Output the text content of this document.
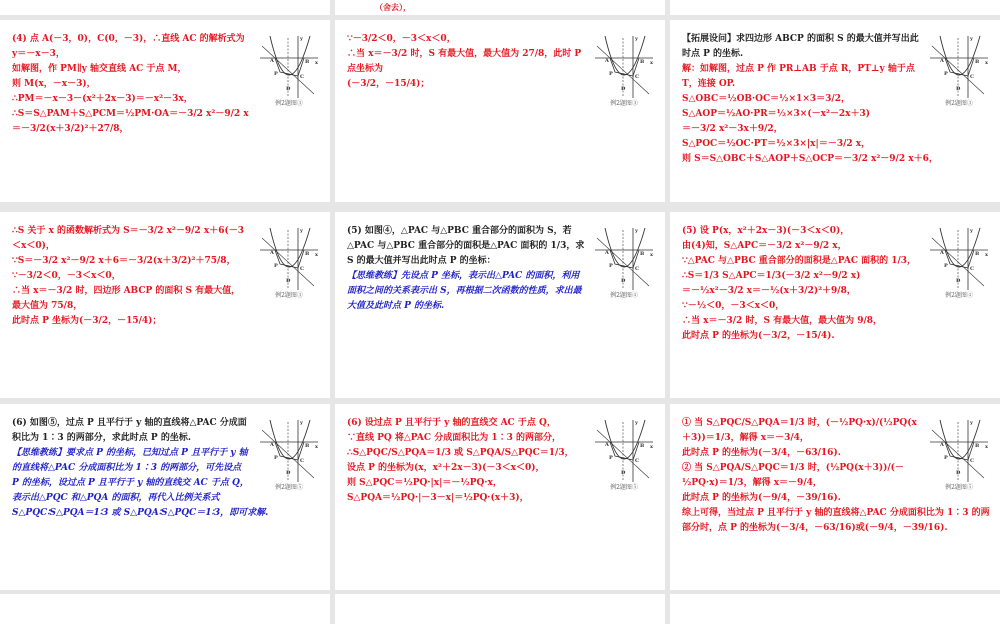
（舍去），
A	B
C
P
D
y
x
例2题图③
(4) 点 A(－3，0)，C(0，－3)，∴直线 AC 的解析式为 y＝－x－3，
如解图，作 PM∥y 轴交直线 AC 于点 M，
则 M(x，－x－3)，
∴PM＝－x－3－(x²＋2x－3)＝－x²－3x，
∴S＝S△PAM＋S△PCM＝½PM·OA＝－3/2 x²－9/2 x
＝－3/2(x＋3/2)²＋27/8，
A	B
C
P
D
y
x
例2题图③
∵－3/2＜0，－3＜x＜0，
∴当 x＝－3/2 时，S 有最大值，最大值为 27/8，此时 P 点坐标为
(－3/2，－15/4)；
A	B
C
P
D
y
x
例2题图③
【拓展设问】求四边形 ABCP 的面积 S 的最大值并写出此时点 P 的坐标.
解：如解图，过点 P 作 PR⊥AB 于点 R，PT⊥y 轴于点 T，连接 OP.
S△OBC＝½OB·OC＝½×1×3＝3/2，
S△AOP＝½AO·PR＝½×3×(－x²－2x＋3)
＝－3/2 x²－3x＋9/2，
S△POC＝½OC·PT＝½×3×|x|＝－3/2 x，
则 S＝S△OBC＋S△AOP＋S△OCP＝－3/2 x²－9/2 x＋6，
A	B
C
P
D
y
x
例2题图③
∴S 关于 x 的函数解析式为 S＝－3/2 x²－9/2 x＋6(－3＜x＜0)，
∵S＝－3/2 x²－9/2 x＋6＝－3/2(x＋3/2)²＋75/8，
∵－3/2＜0，－3＜x＜0，
∴当 x＝－3/2 时，四边形 ABCP 的面积 S 有最大值，
最大值为 75/8，
此时点 P 坐标为(－3/2，－15/4)；
A	B
C
P
D
y
x
例2题图④
(5) 如图④，△PAC 与△PBC 重合部分的面积为 S，若△PAC 与△PBC 重合部分的面积是△PAC 面积的 1/3，求 S 的最大值并写出此时点 P 的坐标：
【思维教练】先设点 P 坐标，表示出△PAC 的面积，利用面积之间的关系表示出 S，再根据二次函数的性质，求出最大值及此时点 P 的坐标.
A	B
C
P
D
y
x
例2题图④
(5) 设 P(x，x²＋2x－3)(－3＜x＜0)，
由(4)知，S△APC＝－3/2 x²－9/2 x，
∵△PAC 与△PBC 重合部分的面积是△PAC 面积的 1/3，
∴S＝1/3 S△APC＝1/3(－3/2 x²－9/2 x)
＝－½x²－3/2 x＝－½(x＋3/2)²＋9/8，
∵－½＜0，－3＜x＜0，
∴当 x＝－3/2 时，S 有最大值，最大值为 9/8，
此时点 P 的坐标为(－3/2，－15/4).
A	B
C
P
D
y
x
例2题图⑤
(6) 如图⑤，过点 P 且平行于 y 轴的直线将△PAC 分成面积比为 1∶3 的两部分，求此时点 P 的坐标.
【思维教练】要求点 P 的坐标，已知过点 P 且平行于 y 轴的直线将△PAC 分成面积比为 1∶3 的两部分，可先设点 P 的坐标，设过点 P 且平行于 y 轴的直线交 AC 于点 Q，表示出△PQC 和△PQA 的面积，再代入比例关系式 S△PQC∶S△PQA＝1∶3 或 S△PQA∶S△PQC＝1∶3，即可求解.
A	B
C
P
D
y
x
例2题图⑤
(6) 设过点 P 且平行于 y 轴的直线交 AC 于点 Q，
∵直线 PQ 将△PAC 分成面积比为 1∶3 的两部分，
∴S△PQC/S△PQA＝1/3 或 S△PQA/S△PQC＝1/3，
设点 P 的坐标为(x，x²＋2x－3)(－3＜x＜0)，
则 S△PQC＝½PQ·|x|＝－½PQ·x，
S△PQA＝½PQ·|－3－x|＝½PQ·(x＋3)，
A	B
C
P
D
y
x
例2题图⑤
① 当 S△PQC/S△PQA＝1/3 时，(－½PQ·x)/(½PQ(x＋3))＝1/3，解得 x＝－3/4，
此时点 P 的坐标为(－3/4，－63/16).
② 当 S△PQA/S△PQC＝1/3 时，(½PQ(x＋3))/(－½PQ·x)＝1/3，解得 x＝－9/4，
此时点 P 的坐标为(－9/4，－39/16).
综上可得，当过点 P 且平行于 y 轴的直线将△PAC 分成面积比为 1∶3 的两部分时，点 P 的坐标为(－3/4，－63/16)或(－9/4，－39/16).
